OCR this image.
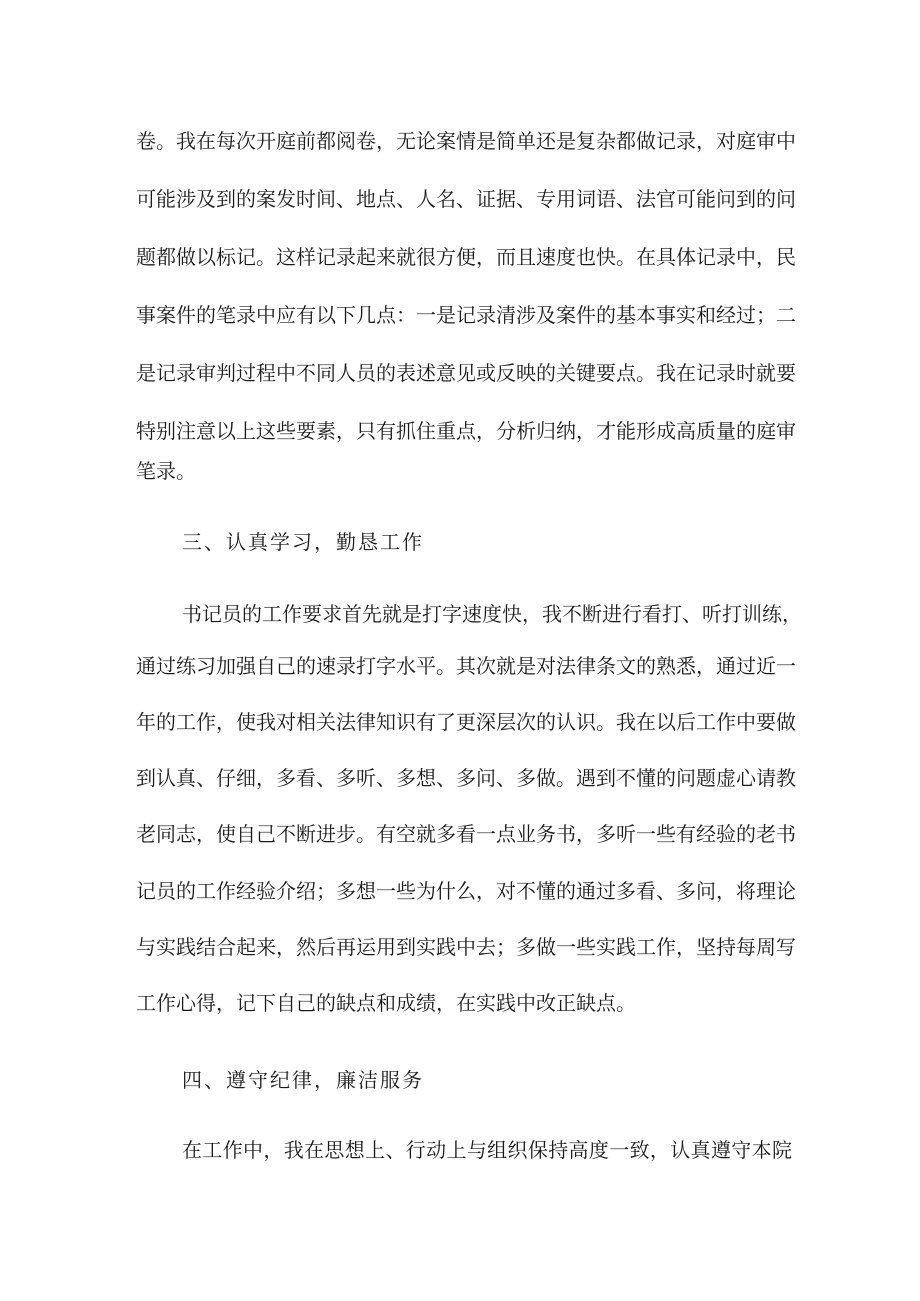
卷。我在每次开庭前都阅卷，无论案情是简单还是复杂都做记录，对庭审中
可能涉及到的案发时间、地点、人名、证据、专用词语、法官可能问到的问
题都做以标记。这样记录起来就很方便，而且速度也快。在具体记录中，民
事案件的笔录中应有以下几点：一是记录清涉及案件的基本事实和经过；二
是记录审判过程中不同人员的表述意见或反映的关键要点。我在记录时就要
特别注意以上这些要素，只有抓住重点，分析归纳，才能形成高质量的庭审
笔录。
三、认真学习，勤恳工作
书记员的工作要求首先就是打字速度快，我不断进行看打、听打训练，
通过练习加强自己的速录打字水平。其次就是对法律条文的熟悉，通过近一
年的工作，使我对相关法律知识有了更深层次的认识。我在以后工作中要做
到认真、仔细，多看、多听、多想、多问、多做。遇到不懂的问题虚心请教
老同志，使自己不断进步。有空就多看一点业务书，多听一些有经验的老书
记员的工作经验介绍；多想一些为什么，对不懂的通过多看、多问，将理论
与实践结合起来，然后再运用到实践中去；多做一些实践工作，坚持每周写
工作心得，记下自己的缺点和成绩，在实践中改正缺点。
四、遵守纪律，廉洁服务
在工作中，我在思想上、行动上与组织保持高度一致，认真遵守本院
